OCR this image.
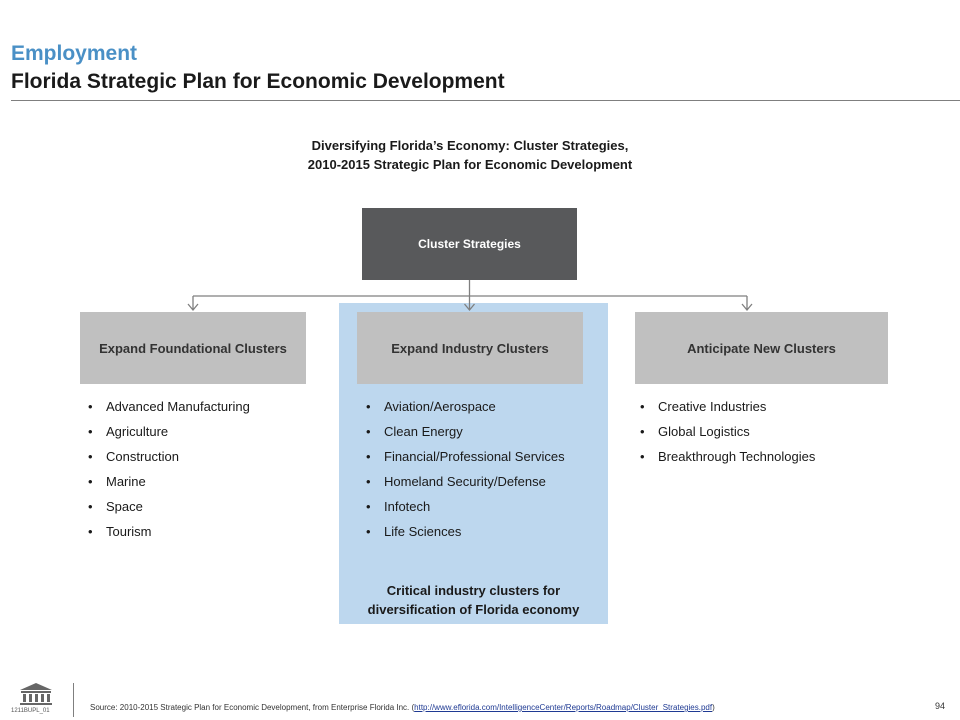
Employment
Florida Strategic Plan for Economic Development
Diversifying Florida’s Economy: Cluster Strategies,
2010-2015 Strategic Plan for Economic Development
Cluster Strategies
Expand Foundational Clusters	Expand Industry Clusters	Anticipate New Clusters
• Advanced Manufacturing
• Agriculture
• Construction
• Marine
• Space
• Tourism
• Aviation/Aerospace
• Clean Energy
• Financial/Professional Services
• Homeland Security/Defense
• Infotech
• Life Sciences
• Creative Industries
• Global Logistics
• Breakthrough Technologies
Critical industry clusters for
diversification of Florida economy
1211BUPL_01	Source: 2010-2015 Strategic Plan for Economic Development, from Enterprise Florida Inc. (http://www.eflorida.com/IntelligenceCenter/Reports/Roadmap/Cluster_Strategies.pdf)	94
